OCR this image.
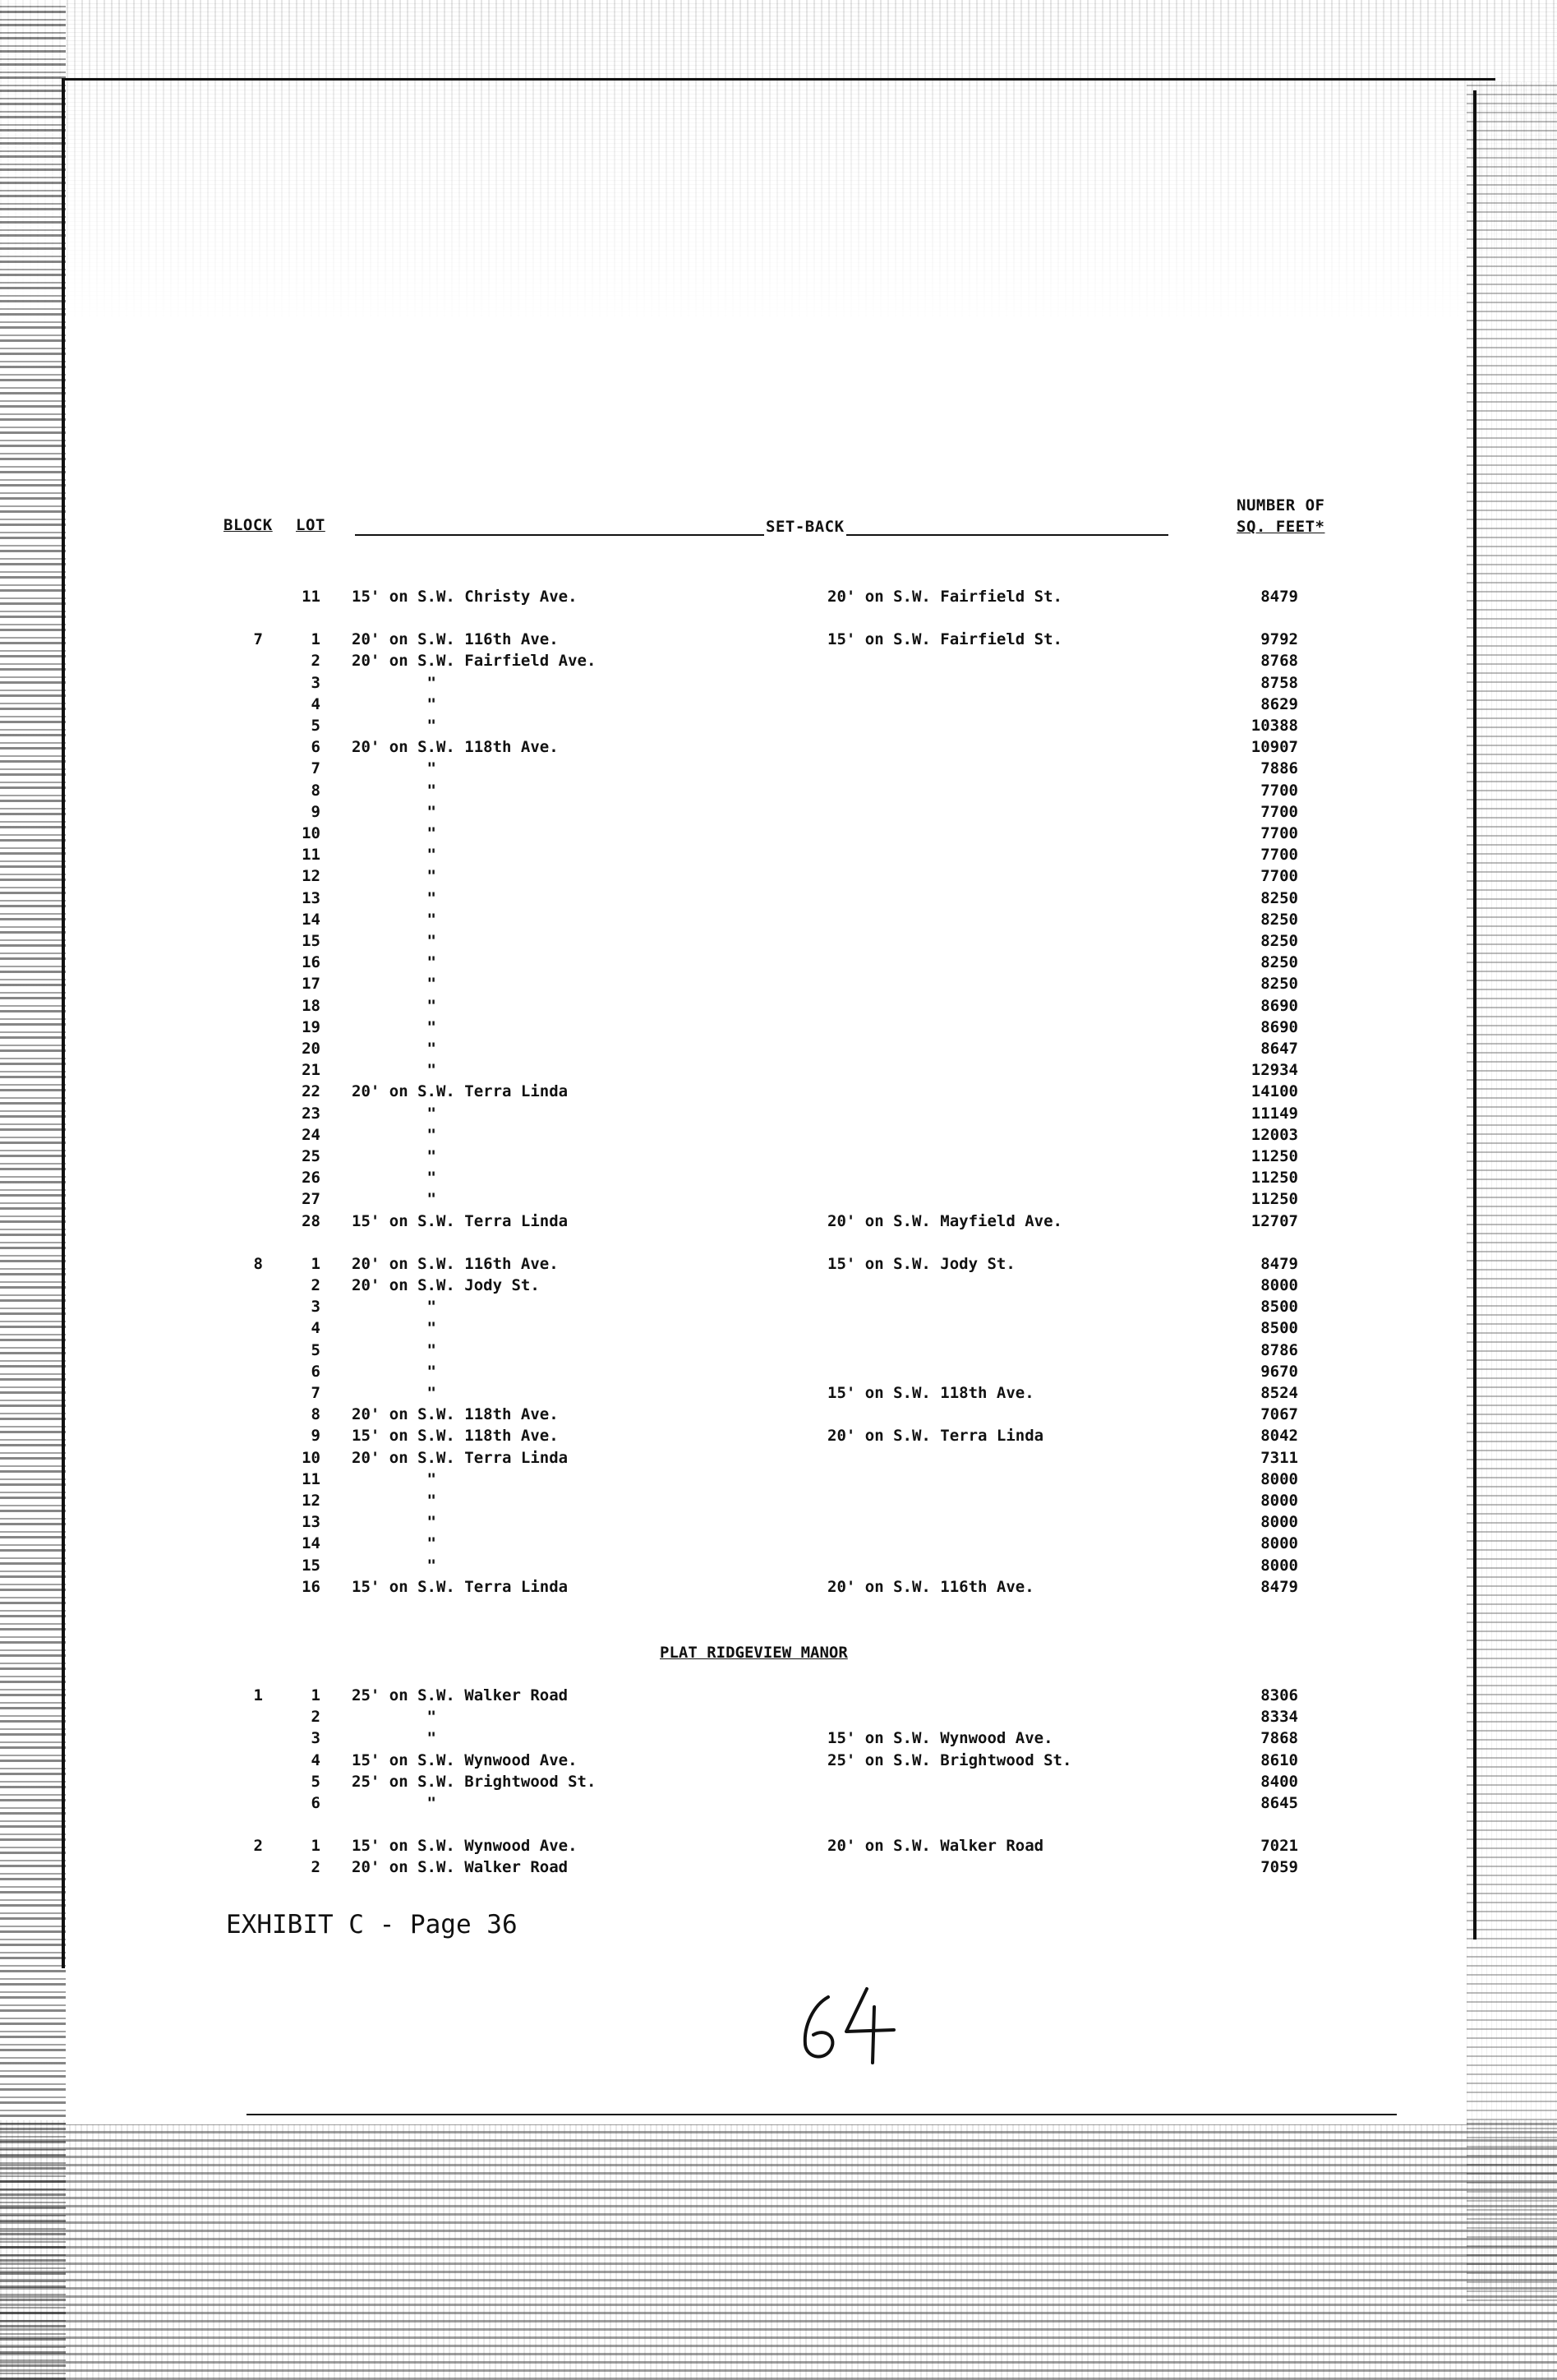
BLOCK LOT	SET-BACK
NUMBER OF
SQ. FEET*
11 15' on S.W. Christy Ave.	20' on S.W. Fairfield St.	8479
7	1 20' on S.W. 116th Ave.	15' on S.W. Fairfield St.	9792
2 20' on S.W. Fairfield Ave.	8768
3 "	8758
4 "	8629
5 "	10388
6 20' on S.W. 118th Ave.	10907
7 "	7886
8 "	7700
9 "	7700
10 "	7700
11 "	7700
12 "	7700
13 "	8250
14 "	8250
15 "	8250
16 "	8250
17 "	8250
18 "	8690
19 "	8690
20 "	8647
21 "	12934
22 20' on S.W. Terra Linda	14100
23 "	11149
24 "	12003
25 "	11250
26 "	11250
27 "	11250
28 15' on S.W. Terra Linda	20' on S.W. Mayfield Ave.	12707
8	1 20' on S.W. 116th Ave.	15' on S.W. Jody St.	8479
2 20' on S.W. Jody St.	8000
3 "	8500
4 "	8500
5 "	8786
6 "	9670
7 "	15' on S.W. 118th Ave.	8524
8 20' on S.W. 118th Ave.	7067
9 15' on S.W. 118th Ave.	20' on S.W. Terra Linda	8042
10 20' on S.W. Terra Linda	7311
11 "	8000
12 "	8000
13 "	8000
14 "	8000
15 "	8000
16 15' on S.W. Terra Linda	20' on S.W. 116th Ave.	8479
PLAT RIDGEVIEW MANOR
1	1 25' on S.W. Walker Road	8306
2 "	8334
3 "	15' on S.W. Wynwood Ave.	7868
4 15' on S.W. Wynwood Ave.	25' on S.W. Brightwood St.	8610
5 25' on S.W. Brightwood St.	8400
6 "	8645
2	1 15' on S.W. Wynwood Ave.	20' on S.W. Walker Road	7021
2 20' on S.W. Walker Road	7059
EXHIBIT C - Page 36
